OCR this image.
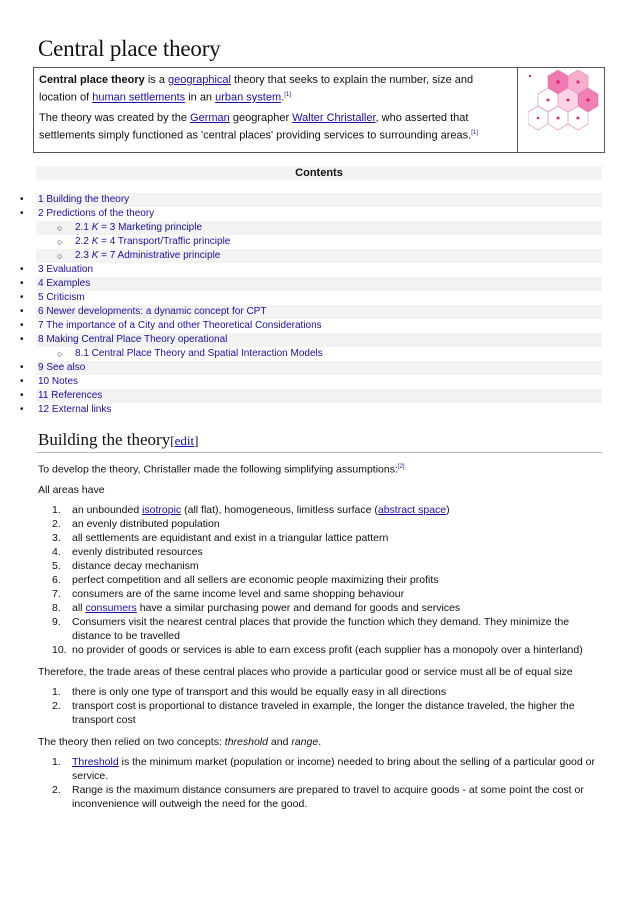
Central place theory

Central place theory is a geographical theory that seeks to explain the number, size and location of human settlements in an urban system.[1]

The theory was created by the German geographer Walter Christaller, who asserted that settlements simply functioned as 'central places' providing services to surrounding areas.[1]

Contents
• 1 Building the theory
• 2 Predictions of the theory
○ 2.1 K = 3 Marketing principle
○ 2.2 K = 4 Transport/Traffic principle
○ 2.3 K = 7 Administrative principle
• 3 Evaluation
• 4 Examples
• 5 Criticism
• 6 Newer developments: a dynamic concept for CPT
• 7 The importance of a City and other Theoretical Considerations
• 8 Making Central Place Theory operational
○ 8.1 Central Place Theory and Spatial Interaction Models
• 9 See also
• 10 Notes
• 11 References
• 12 External links
Building the theory[edit]

To develop the theory, Christaller made the following simplifying assumptions:[2]

All areas have

1. an unbounded isotropic (all flat), homogeneous, limitless surface (abstract space)
2. an evenly distributed population
3. all settlements are equidistant and exist in a triangular lattice pattern
4. evenly distributed resources
5. distance decay mechanism
6. perfect competition and all sellers are economic people maximizing their profits
7. consumers are of the same income level and same shopping behaviour
8. all consumers have a similar purchasing power and demand for goods and services
9. Consumers visit the nearest central places that provide the function which they demand. They minimize the distance to be travelled
10. no provider of goods or services is able to earn excess profit (each supplier has a monopoly over a hinterland)

Therefore, the trade areas of these central places who provide a particular good or service must all be of equal size

1. there is only one type of transport and this would be equally easy in all directions
2. transport cost is proportional to distance traveled in example, the longer the distance traveled, the higher the transport cost

The theory then relied on two concepts: threshold and range.

1. Threshold is the minimum market (population or income) needed to bring about the selling of a particular good or service.
2. Range is the maximum distance consumers are prepared to travel to acquire goods - at some point the cost or inconvenience will outweigh the need for the good.
